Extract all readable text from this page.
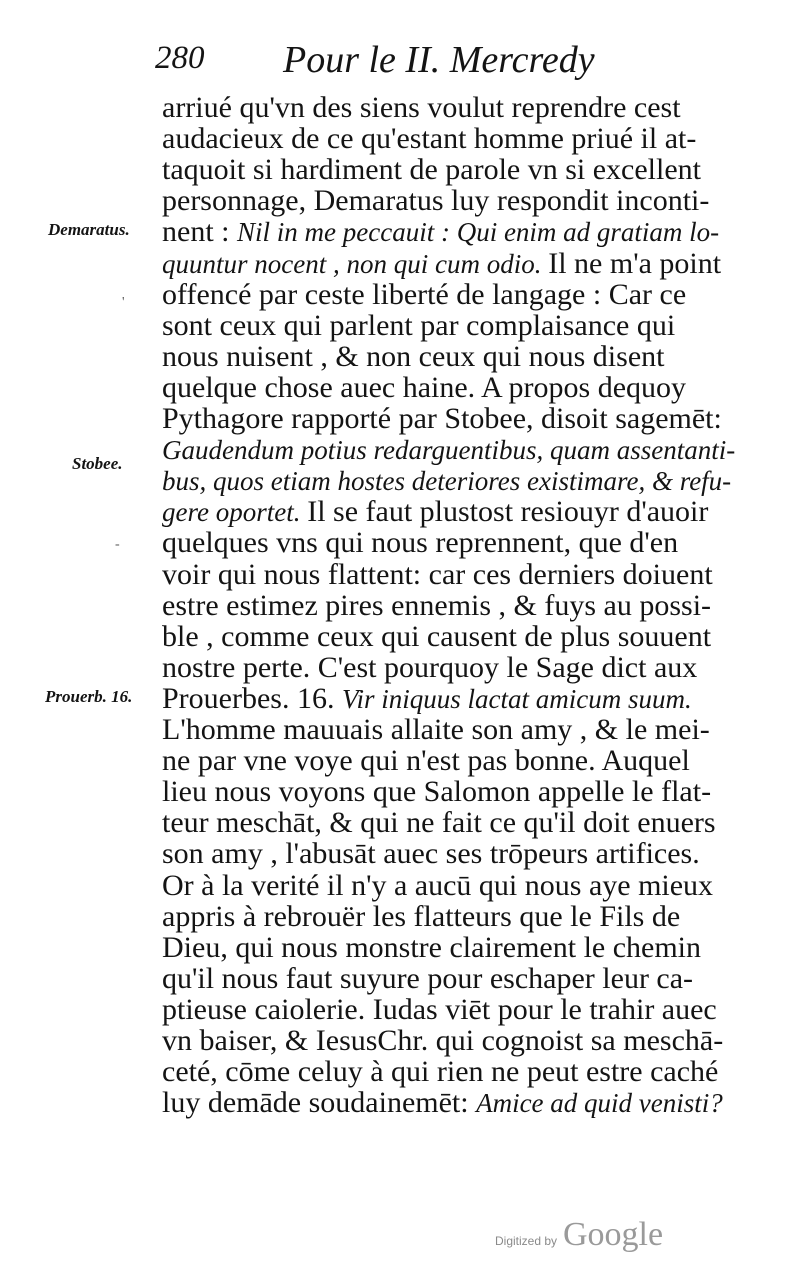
280 Pour le II. Mercredy
arriué qu'vn des siens voulut reprendre cest
audacieux de ce qu'estant homme priué il at-
taquoit si hardiment de parole vn si excellent
personnage, Demaratus luy respondit inconti-
nent : Nil in me peccauit : Qui enim ad gratiam lo-
quuntur nocent , non qui cum odio. Il ne m'a point
offencé par ceste liberté de langage : Car ce
sont ceux qui parlent par complaisance qui
nous nuisent , & non ceux qui nous disent
quelque chose auec haine. A propos dequoy
Pythagore rapporté par Stobee, disoit sagemēt:
Gaudendum potius redarguentibus, quam assentanti-
bus, quos etiam hostes deteriores existimare, & refu-
gere oportet. Il se faut plustost resiouyr d'auoir
quelques vns qui nous reprennent, que d'en
voir qui nous flattent: car ces derniers doiuent
estre estimez pires ennemis , & fuys au possi-
ble , comme ceux qui causent de plus souuent
nostre perte. C'est pourquoy le Sage dict aux
Prouerbes. 16. Vir iniquus lactat amicum suum.
L'homme mauuais allaite son amy , & le mei-
ne par vne voye qui n'est pas bonne. Auquel
lieu nous voyons que Salomon appelle le flat-
teur meschāt, & qui ne fait ce qu'il doit enuers
son amy , l'abusāt auec ses trōpeurs artifices.
Or à la verité il n'y a aucū qui nous aye mieux
appris à rebrouër les flatteurs que le Fils de
Dieu, qui nous monstre clairement le chemin
qu'il nous faut suyure pour eschaper leur ca-
ptieuse caiolerie. Iudas viēt pour le trahir auec
vn baiser, & IesusChr. qui cognoist sa meschā-
ceté, cōme celuy à qui rien ne peut estre caché
luy demāde soudainemēt: Amice ad quid venisti?
Demaratus.
Stobee.
Prouerb. 16.
'
-
Digitized by Google
